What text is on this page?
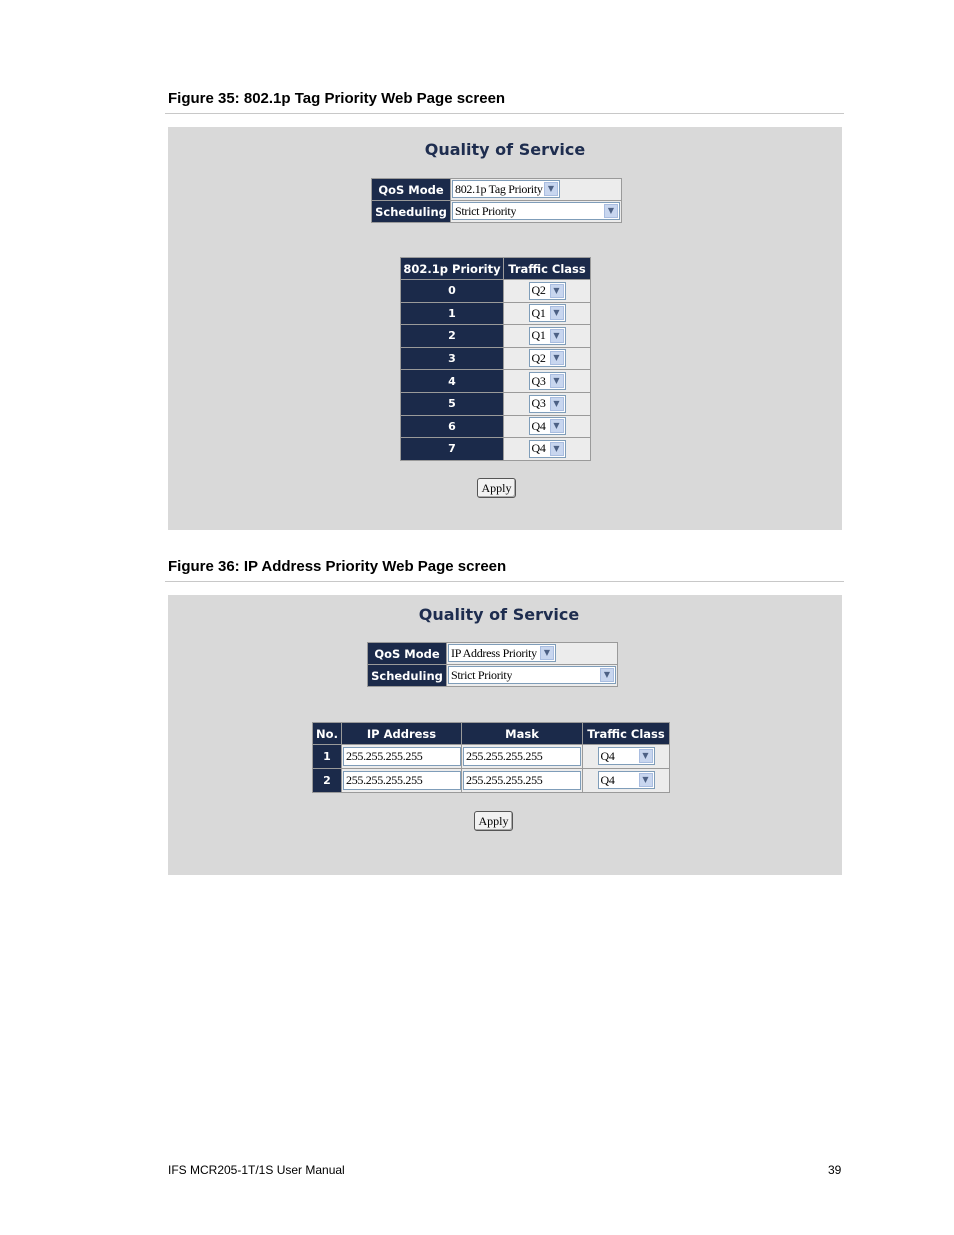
Figure 35: 802.1p Tag Priority Web Page screen
Quality of Service
QoS Mode	802.1p Tag Priority ▼

Scheduling	Strict Priority ▼
802.1p Priority	Traffic Class
0	Q2 ▼

1	Q1 ▼

2	Q1 ▼

3	Q2 ▼

4	Q3 ▼

5	Q3 ▼

6	Q4 ▼

7	Q4 ▼
Apply
Figure 36: IP Address Priority Web Page screen
Quality of Service
QoS Mode	IP Address Priority ▼

Scheduling	Strict Priority ▼
No.	IP Address	Mask	Traffic Class
1	255.255.255.255	255.255.255.255	Q4 ▼

2	255.255.255.255	255.255.255.255	Q4 ▼
Apply
IFS MCR205-1T/1S User Manual	39
